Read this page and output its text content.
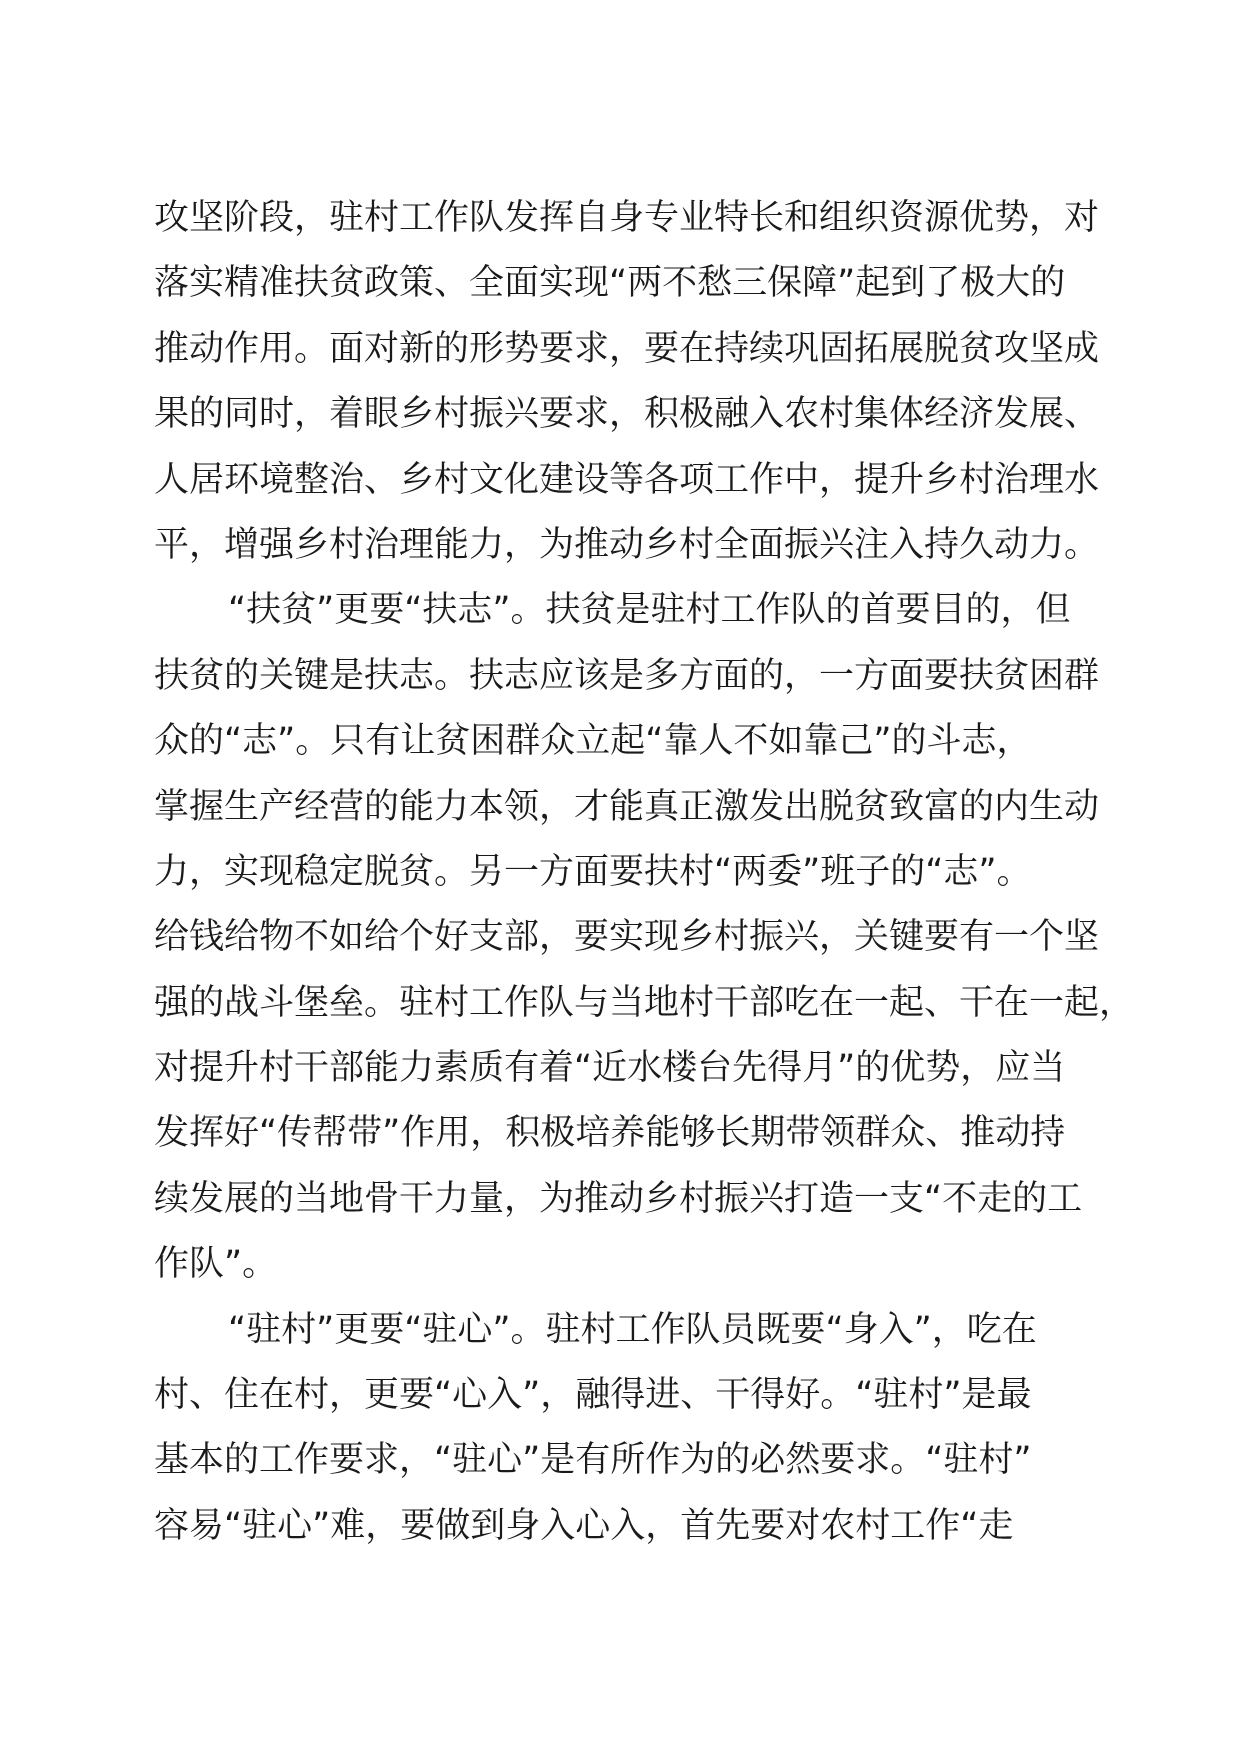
攻坚阶段，驻村工作队发挥自身专业特长和组织资源优势，对
落实精准扶贫政策、全面实现“两不愁三保障”起到了极大的
推动作用。面对新的形势要求，要在持续巩固拓展脱贫攻坚成
果的同时，着眼乡村振兴要求，积极融入农村集体经济发展、
人居环境整治、乡村文化建设等各项工作中，提升乡村治理水
平，增强乡村治理能力，为推动乡村全面振兴注入持久动力。
“扶贫”更要“扶志”。扶贫是驻村工作队的首要目的，但
扶贫的关键是扶志。扶志应该是多方面的，一方面要扶贫困群
众的“志”。只有让贫困群众立起“靠人不如靠己”的斗志，
掌握生产经营的能力本领，才能真正激发出脱贫致富的内生动
力，实现稳定脱贫。另一方面要扶村“两委”班子的“志”。
给钱给物不如给个好支部，要实现乡村振兴，关键要有一个坚
强的战斗堡垒。驻村工作队与当地村干部吃在一起、干在一起，
对提升村干部能力素质有着“近水楼台先得月”的优势，应当
发挥好“传帮带”作用，积极培养能够长期带领群众、推动持
续发展的当地骨干力量，为推动乡村振兴打造一支“不走的工
作队”。
“驻村”更要“驻心”。驻村工作队员既要“身入”，吃在
村、住在村，更要“心入”，融得进、干得好。“驻村”是最
基本的工作要求，“驻心”是有所作为的必然要求。“驻村”
容易“驻心”难，要做到身入心入，首先要对农村工作“走
